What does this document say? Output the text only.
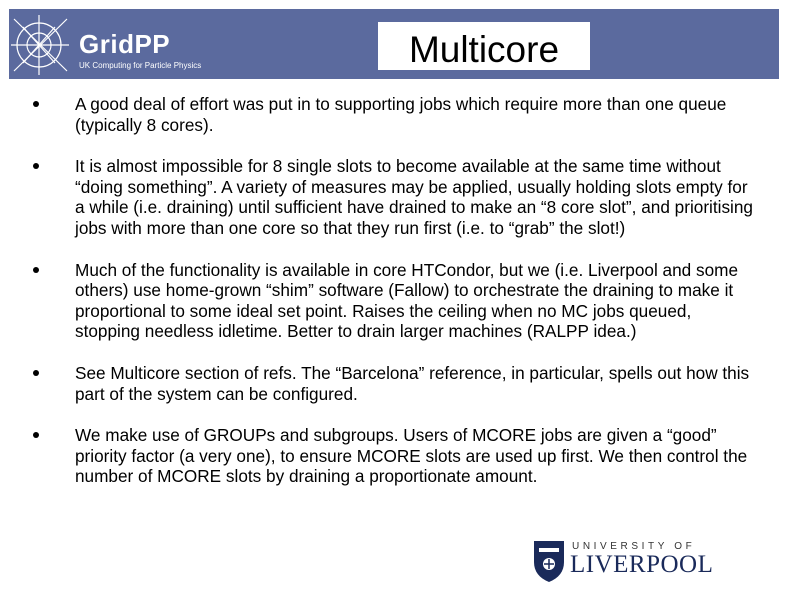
GridPP
UK Computing for Particle Physics	Multicore
A good deal of effort was put in to supporting jobs which require more than one queue (typically 8 cores).
It is almost impossible for 8 single slots to become available at the same time without “doing something”. A variety of measures may be applied, usually holding slots empty for a while (i.e. draining) until sufficient have drained to make an “8 core slot”, and prioritising jobs with more than one core so that they run first (i.e. to “grab” the slot!)
Much of the functionality is available in core HTCondor, but we (i.e. Liverpool and some others) use home-grown “shim” software (Fallow) to orchestrate the draining to make it proportional to some ideal set point. Raises the ceiling when no MC jobs queued, stopping needless idletime. Better to drain larger machines (RALPP idea.)
See Multicore section of refs. The “Barcelona” reference, in particular, spells out how this part of the system can be configured.
We make use of GROUPs and subgroups. Users of MCORE jobs are given a “good” priority factor (a very one), to ensure MCORE slots are used up first. We then control the number of MCORE slots by draining a proportionate amount.
UNIVERSITY OF
LIVERPOOL
